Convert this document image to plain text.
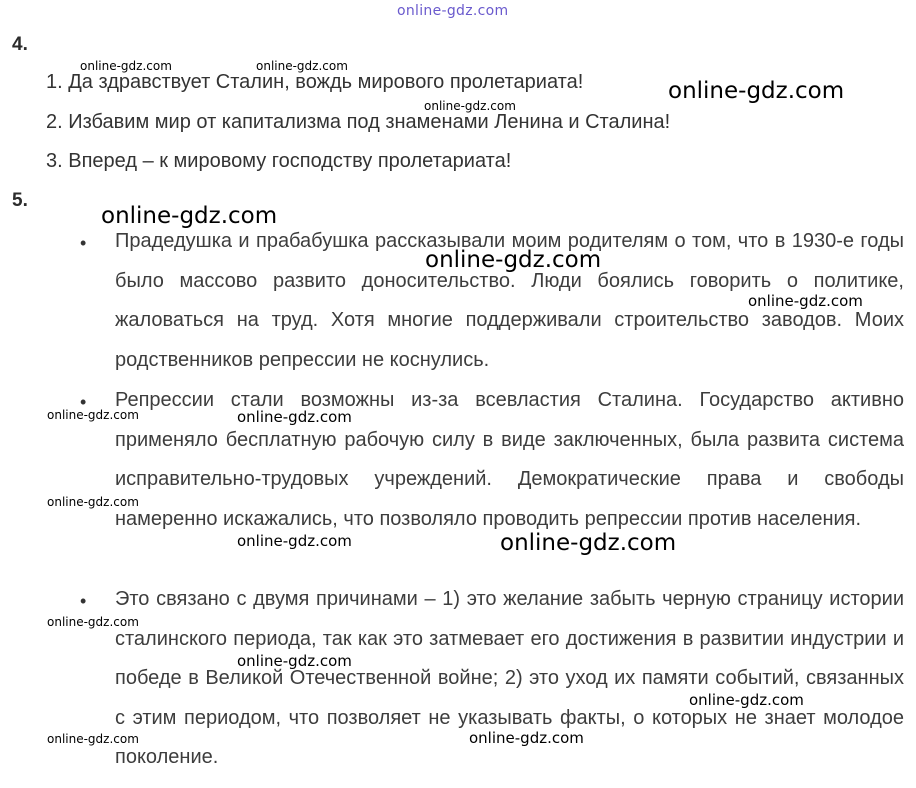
online-gdz.com
4.
1. Да здравствует Сталин, вождь мирового пролетариата!
2. Избавим мир от капитализма под знаменами Ленина и Сталина!
3. Вперед – к мировому господству пролетариата!
5.
• Прадедушка и прабабушка рассказывали моим родителям о том, что в 1930-е годы было массово развито доносительство. Люди боялись говорить о политике, жаловаться на труд. Хотя многие поддерживали строительство заводов. Моих родственников репрессии не коснулись.
• Репрессии стали возможны из-за всевластия Сталина. Государство активно применяло бесплатную рабочую силу в виде заключенных, была развита система исправительно-трудовых учреждений. Демократические права и свободы намеренно искажались, что позволяло проводить репрессии против населения.
• Это связано с двумя причинами – 1) это желание забыть черную страницу истории сталинского периода, так как это затмевает его достижения в развитии индустрии и победе в Великой Отечественной войне; 2) это уход их памяти событий, связанных с этим периодом, что позволяет не указывать факты, о которых не знает молодое поколение.
online-gdz.com	online-gdz.com
online-gdz.com
online-gdz.com
online-gdz.com
online-gdz.com
online-gdz.com
online-gdz.com	online-gdz.com
online-gdz.com
online-gdz.com	online-gdz.com
online-gdz.com
online-gdz.com
online-gdz.com
online-gdz.com	online-gdz.com
